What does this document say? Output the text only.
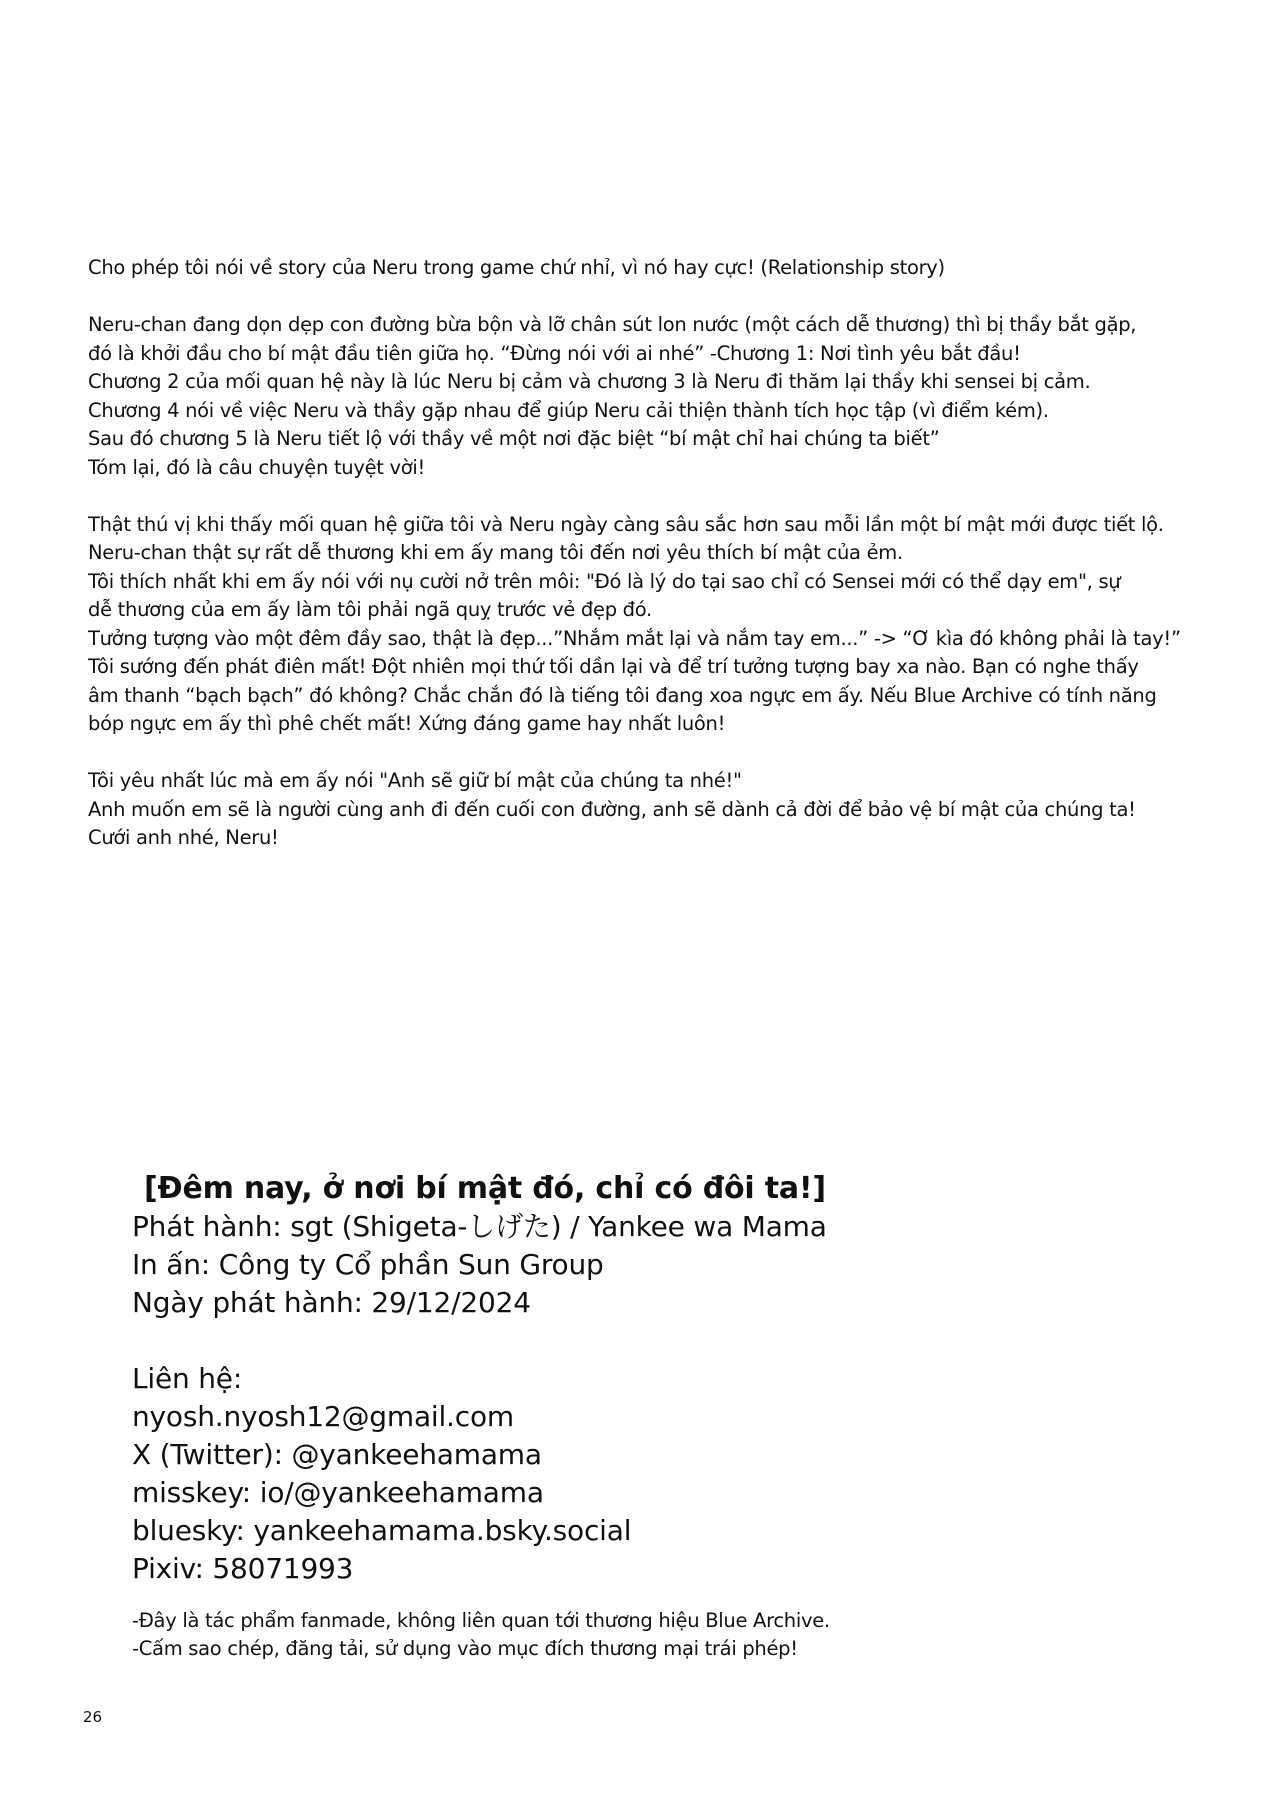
Cho phép tôi nói về story của Neru trong game chứ nhỉ, vì nó hay cực! (Relationship story)

Neru-chan đang dọn dẹp con đường bừa bộn và lỡ chân sút lon nước (một cách dễ thương) thì bị thầy bắt gặp,
đó là khởi đầu cho bí mật đầu tiên giữa họ. “Đừng nói với ai nhé” -Chương 1: Nơi tình yêu bắt đầu!
Chương 2 của mối quan hệ này là lúc Neru bị cảm và chương 3 là Neru đi thăm lại thầy khi sensei bị cảm.
Chương 4 nói về việc Neru và thầy gặp nhau để giúp Neru cải thiện thành tích học tập (vì điểm kém).
Sau đó chương 5 là Neru tiết lộ với thầy về một nơi đặc biệt “bí mật chỉ hai chúng ta biết”
Tóm lại, đó là câu chuyện tuyệt vời!

Thật thú vị khi thấy mối quan hệ giữa tôi và Neru ngày càng sâu sắc hơn sau mỗi lần một bí mật mới được tiết lộ.
Neru-chan thật sự rất dễ thương khi em ấy mang tôi đến nơi yêu thích bí mật của ẻm.
Tôi thích nhất khi em ấy nói với nụ cười nở trên môi: "Đó là lý do tại sao chỉ có Sensei mới có thể dạy em", sự
dễ thương của em ấy làm tôi phải ngã quỵ trước vẻ đẹp đó.
Tưởng tượng vào một đêm đầy sao, thật là đẹp...”Nhắm mắt lại và nắm tay em...” -> “Ơ kìa đó không phải là tay!”
Tôi sướng đến phát điên mất! Đột nhiên mọi thứ tối dần lại và để trí tưởng tượng bay xa nào. Bạn có nghe thấy
âm thanh “bạch bạch” đó không? Chắc chắn đó là tiếng tôi đang xoa ngực em ấy. Nếu Blue Archive có tính năng
bóp ngực em ấy thì phê chết mất! Xứng đáng game hay nhất luôn!

Tôi yêu nhất lúc mà em ấy nói "Anh sẽ giữ bí mật của chúng ta nhé!"
Anh muốn em sẽ là người cùng anh đi đến cuối con đường, anh sẽ dành cả đời để bảo vệ bí mật của chúng ta!
Cưới anh nhé, Neru!

[Đêm nay, ở nơi bí mật đó, chỉ có đôi ta!]
Phát hành: sgt (Shigeta-しげた) / Yankee wa Mama
In ấn: Công ty Cổ phần Sun Group
Ngày phát hành: 29/12/2024
Liên hệ:
nyosh.nyosh12@gmail.com
X (Twitter): @yankeehamama
misskey: io/@yankeehamama
bluesky: yankeehamama.bsky.social
Pixiv: 58071993
-Đây là tác phẩm fanmade, không liên quan tới thương hiệu Blue Archive.
-Cấm sao chép, đăng tải, sử dụng vào mục đích thương mại trái phép!
26
